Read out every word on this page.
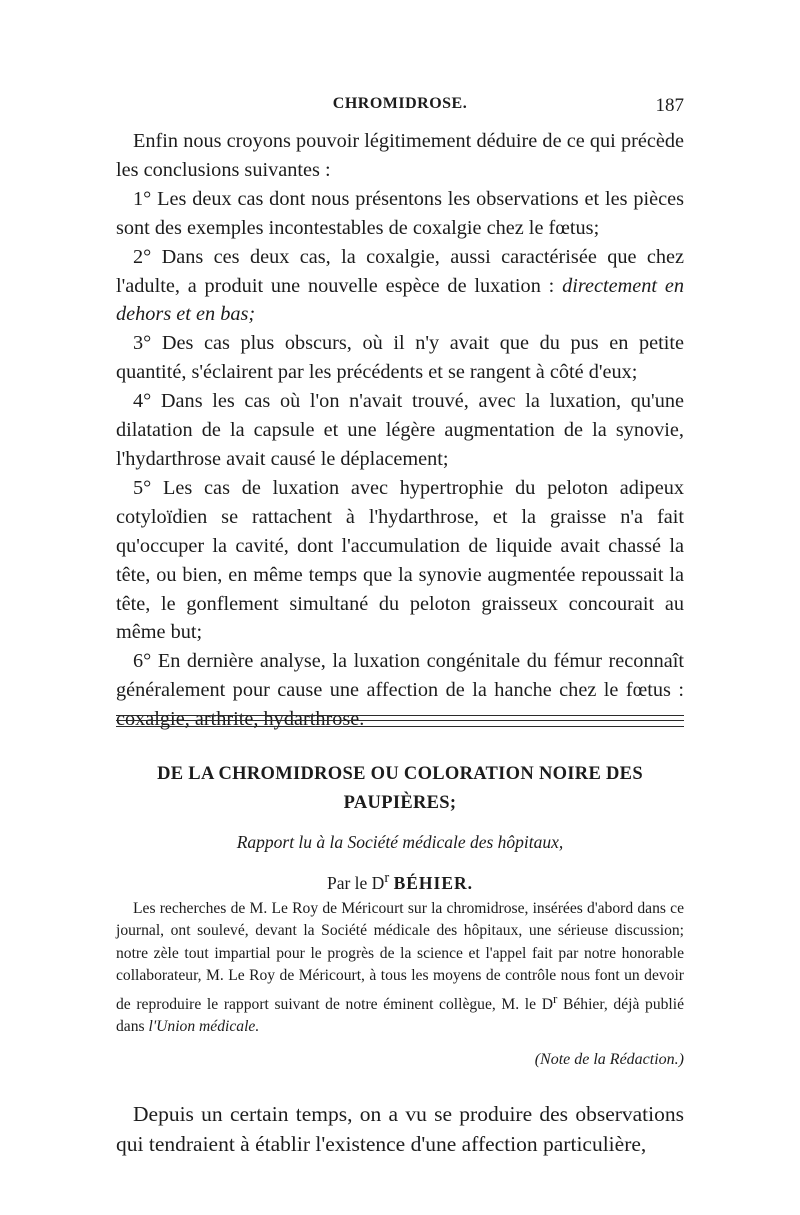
CHROMIDROSE.	187

Enfin nous croyons pouvoir légitimement déduire de ce qui précède les conclusions suivantes :

1° Les deux cas dont nous présentons les observations et les pièces sont des exemples incontestables de coxalgie chez le fœtus;

2° Dans ces deux cas, la coxalgie, aussi caractérisée que chez l'adulte, a produit une nouvelle espèce de luxation : directement en dehors et en bas;

3° Des cas plus obscurs, où il n'y avait que du pus en petite quantité, s'éclairent par les précédents et se rangent à côté d'eux;

4° Dans les cas où l'on n'avait trouvé, avec la luxation, qu'une dilatation de la capsule et une légère augmentation de la synovie, l'hydarthrose avait causé le déplacement;

5° Les cas de luxation avec hypertrophie du peloton adipeux cotyloïdien se rattachent à l'hydarthrose, et la graisse n'a fait qu'occuper la cavité, dont l'accumulation de liquide avait chassé la tête, ou bien, en même temps que la synovie augmentée repoussait la tête, le gonflement simultané du peloton graisseux concourait au même but;

6° En dernière analyse, la luxation congénitale du fémur reconnaît généralement pour cause une affection de la hanche chez le fœtus : coxalgie, arthrite, hydarthrose.

DE LA CHROMIDROSE OU COLORATION NOIRE DES PAUPIÈRES;
Rapport lu à la Société médicale des hôpitaux,
Par le $D^r$ BÉHIER.

Les recherches de M. Le Roy de Méricourt sur la chromidrose, insérées d'abord dans ce journal, ont soulevé, devant la Société médicale des hôpitaux, une sérieuse discussion; notre zèle tout impartial pour le progrès de la science et l'appel fait par notre honorable collaborateur, M. Le Roy de Méricourt, à tous les moyens de contrôle nous font un devoir de reproduire le rapport suivant de notre éminent collègue, M. le $D^r$ Béhier, déjà publié dans l'Union médicale.

(Note de la Rédaction.)

Depuis un certain temps, on a vu se produire des observations qui tendraient à établir l'existence d'une affection particulière,
